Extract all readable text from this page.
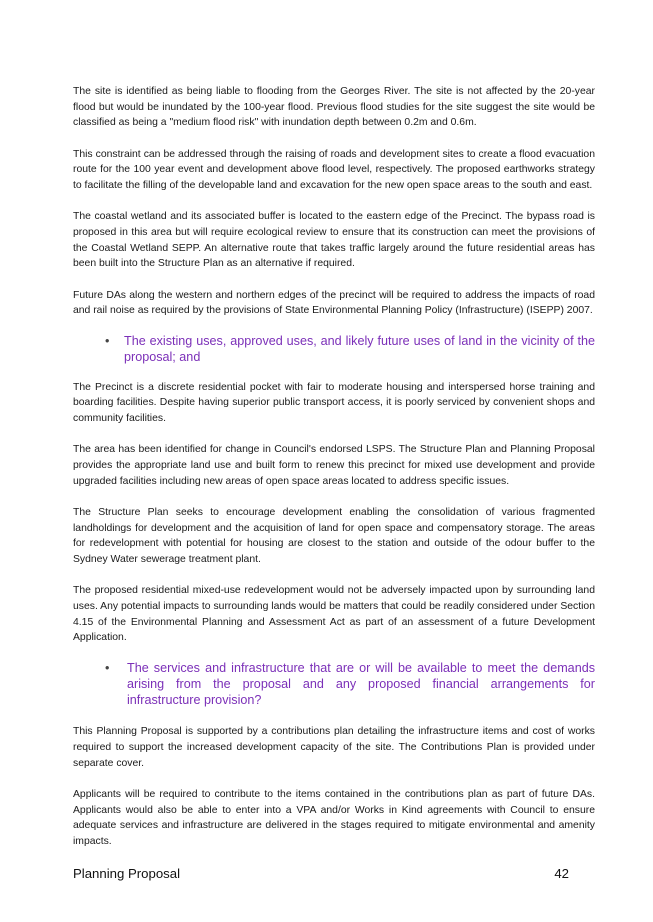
The site is identified as being liable to flooding from the Georges River. The site is not affected by the 20-year flood but would be inundated by the 100-year flood. Previous flood studies for the site suggest the site would be classified as being a "medium flood risk" with inundation depth between 0.2m and 0.6m.

This constraint can be addressed through the raising of roads and development sites to create a flood evacuation route for the 100 year event and development above flood level, respectively. The proposed earthworks strategy to facilitate the filling of the developable land and excavation for the new open space areas to the south and east.

The coastal wetland and its associated buffer is located to the eastern edge of the Precinct. The bypass road is proposed in this area but will require ecological review to ensure that its construction can meet the provisions of the Coastal Wetland SEPP. An alternative route that takes traffic largely around the future residential areas has been built into the Structure Plan as an alternative if required.

Future DAs along the western and northern edges of the precinct will be required to address the impacts of road and rail noise as required by the provisions of State Environmental Planning Policy (Infrastructure) (ISEPP) 2007.

•	The existing uses, approved uses, and likely future uses of land in the vicinity of the proposal; and

The Precinct is a discrete residential pocket with fair to moderate housing and interspersed horse training and boarding facilities. Despite having superior public transport access, it is poorly serviced by convenient shops and community facilities.

The area has been identified for change in Council's endorsed LSPS. The Structure Plan and Planning Proposal provides the appropriate land use and built form to renew this precinct for mixed use development and provide upgraded facilities including new areas of open space areas located to address specific issues.

The Structure Plan seeks to encourage development enabling the consolidation of various fragmented landholdings for development and the acquisition of land for open space and compensatory storage. The areas for redevelopment with potential for housing are closest to the station and outside of the odour buffer to the Sydney Water sewerage treatment plant.

The proposed residential mixed-use redevelopment would not be adversely impacted upon by surrounding land uses. Any potential impacts to surrounding lands would be matters that could be readily considered under Section 4.15 of the Environmental Planning and Assessment Act as part of an assessment of a future Development Application.

•	The services and infrastructure that are or will be available to meet the demands arising from the proposal and any proposed financial arrangements for infrastructure provision?

This Planning Proposal is supported by a contributions plan detailing the infrastructure items and cost of works required to support the increased development capacity of the site. The Contributions Plan is provided under separate cover.

Applicants will be required to contribute to the items contained in the contributions plan as part of future DAs. Applicants would also be able to enter into a VPA and/or Works in Kind agreements with Council to ensure adequate services and infrastructure are delivered in the stages required to mitigate environmental and amenity impacts.

Planning Proposal	42
